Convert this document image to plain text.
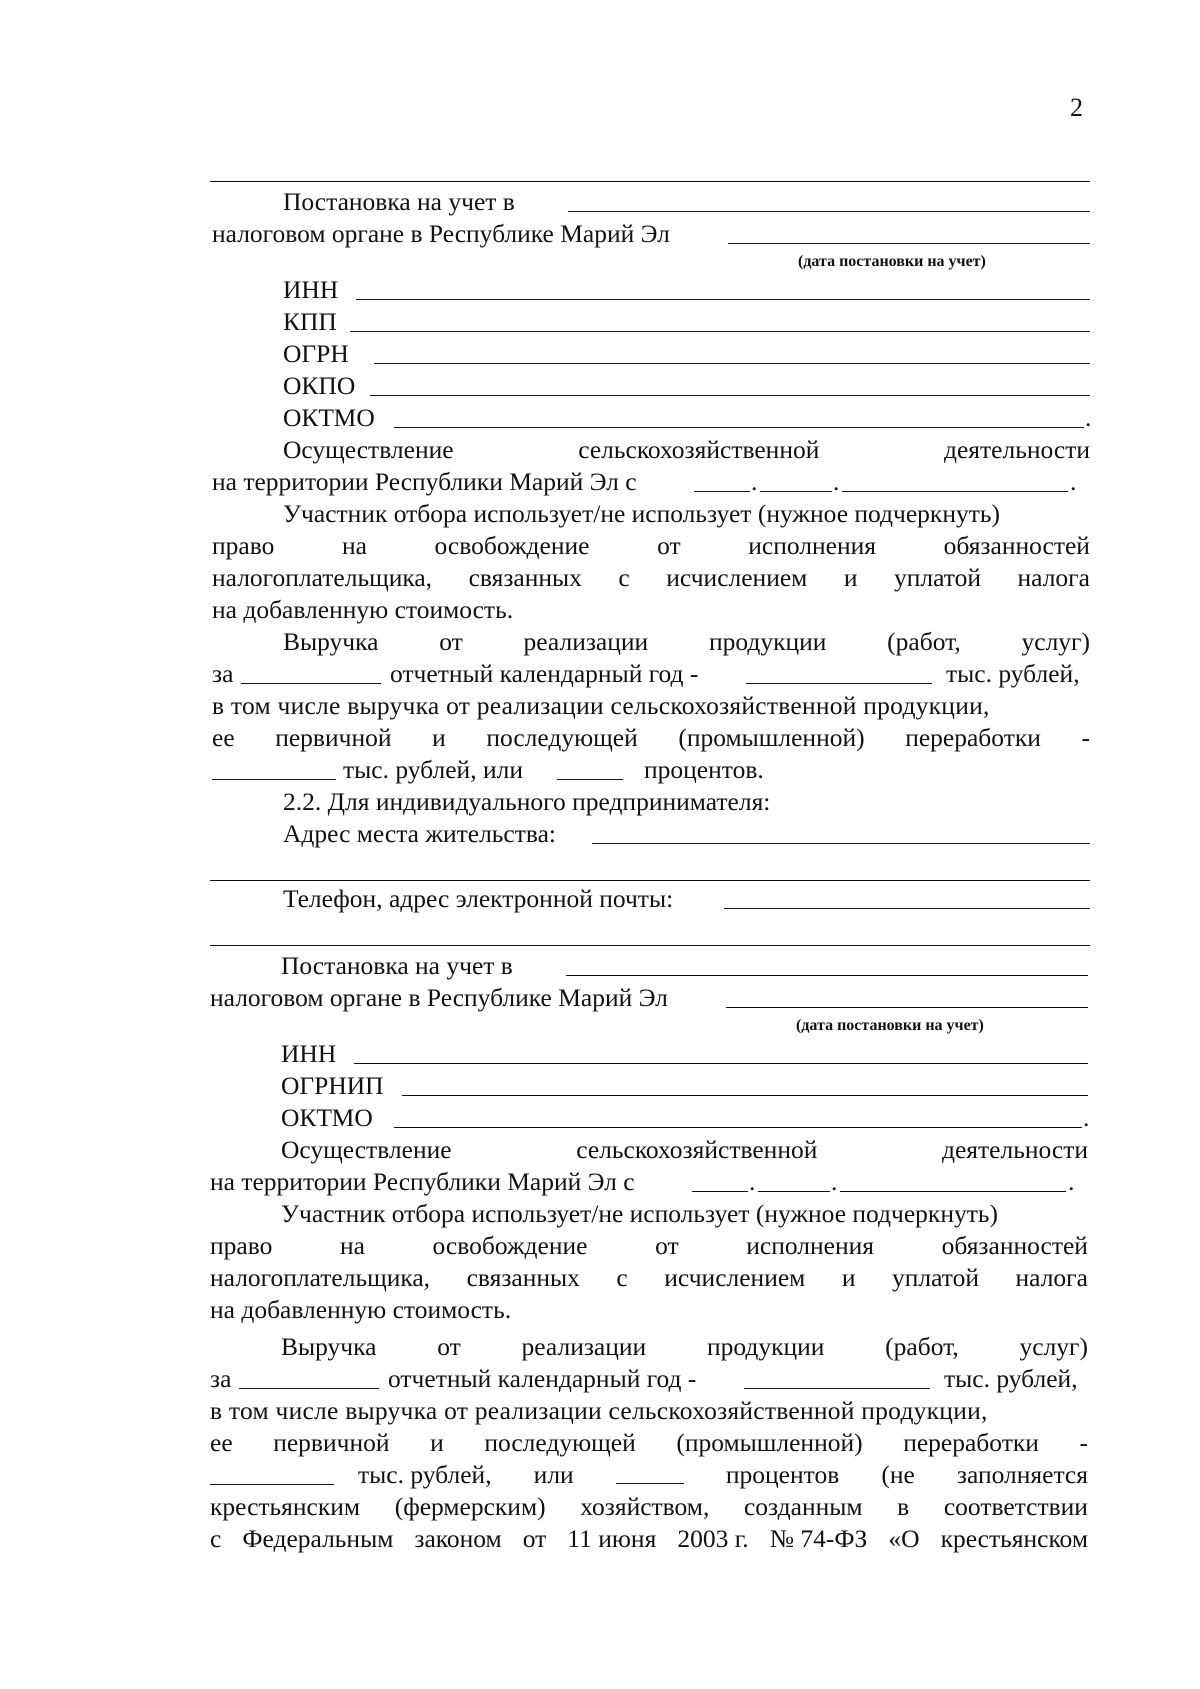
2
Постановка на учет в
налоговом органе в Республике Марий Эл
(дата постановки на учет)
ИНН
КПП
ОГРН
ОКПО
ОКТМО	.
Осуществление	сельскохозяйственной	деятельности
на территории Республики Марий Эл с	.	.	.
Участник отбора использует/не использует (нужное подчеркнуть)
право	на	освобождение	от	исполнения	обязанностей
налогоплательщика, связанных с исчислением и уплатой налога
на добавленную стоимость.
Выручка от реализации продукции (работ, услуг)
за	отчетный календарный год -	тыс. рублей,
в том числе выручка от реализации сельскохозяйственной продукции,
ее первичной и последующей (промышленной) переработки -
тыс. рублей, или	процентов.
2.2. Для индивидуального предпринимателя:
Адрес места жительства:
Телефон, адрес электронной почты:
Постановка на учет в
налоговом органе в Республике Марий Эл
(дата постановки на учет)
ИНН
ОГРНИП
ОКТМО	.
Осуществление	сельскохозяйственной	деятельности
на территории Республики Марий Эл с	.	.	.
Участник отбора использует/не использует (нужное подчеркнуть)
право	на	освобождение	от	исполнения	обязанностей
налогоплательщика, связанных с исчислением и уплатой налога
на добавленную стоимость.
Выручка от реализации продукции (работ, услуг)
за	отчетный календарный год -	тыс. рублей,
в том числе выручка от реализации сельскохозяйственной продукции,
ее первичной и последующей (промышленной) переработки -
тыс. рублей, или	процентов (не заполняется
крестьянским (фермерским) хозяйством, созданным в соответствии
с Федеральным законом от 11 июня 2003 г. № 74-ФЗ «О крестьянском
